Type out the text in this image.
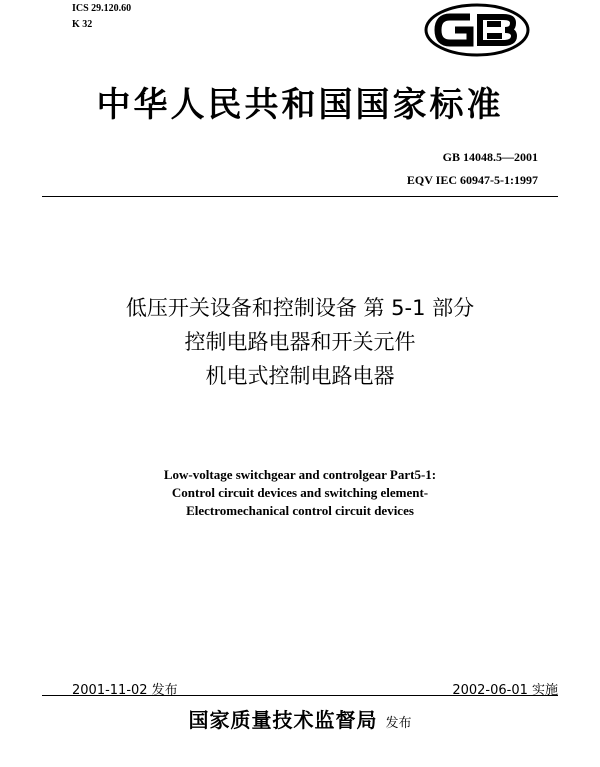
ICS 29.120.60
K 32
中华人民共和国国家标准
GB 14048.5—2001
EQV IEC 60947-5-1:1997
低压开关设备和控制设备 第 5-1 部分
控制电路电器和开关元件
机电式控制电路电器
Low-voltage switchgear and controlgear Part5-1:
Control circuit devices and switching element-
Electromechanical control circuit devices
2001-11-02 发布	2002-06-01 实施
国家质量技术监督局 发布
